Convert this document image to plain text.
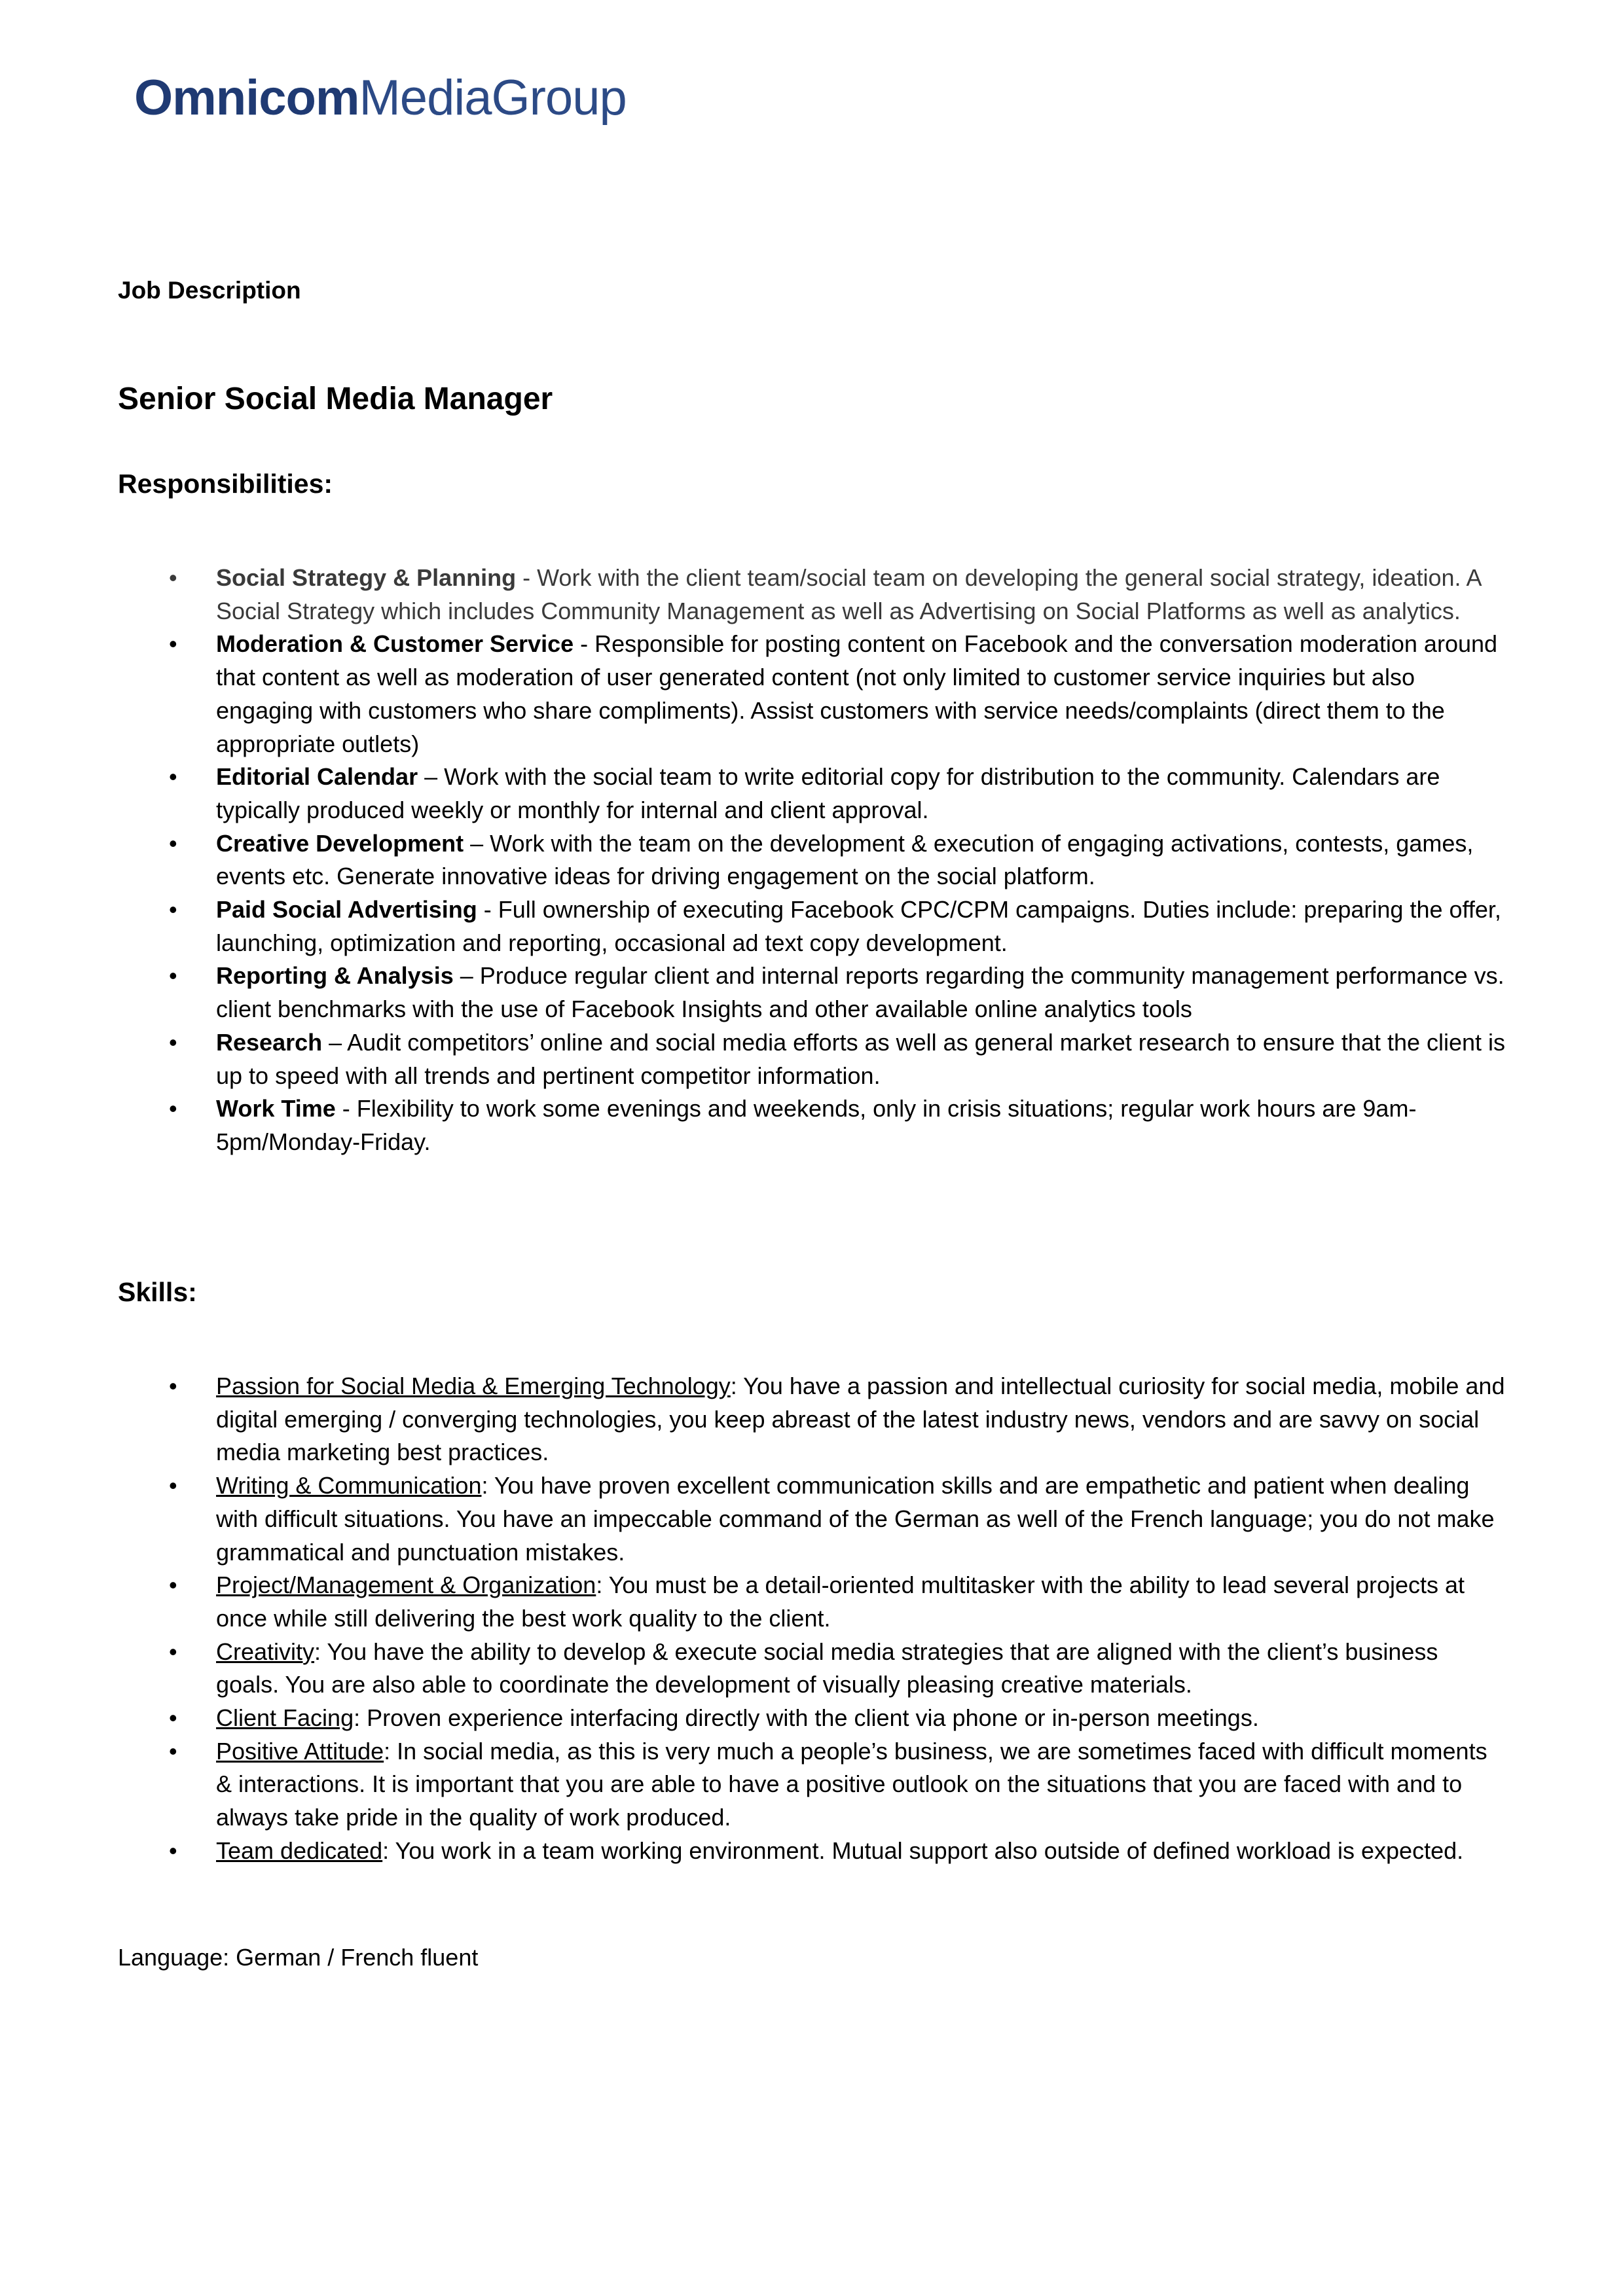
OmnicomMediaGroup
Job Description
Senior Social Media Manager
Responsibilities:
•	Social Strategy & Planning - Work with the client team/social team on developing the general social strategy, ideation. A Social Strategy which includes Community Management as well as Advertising on Social Platforms as well as analytics.
•	Moderation & Customer Service - Responsible for posting content on Facebook and the conversation moderation around that content as well as moderation of user generated content (not only limited to customer service inquiries but also engaging with customers who share compliments). Assist customers with service needs/complaints (direct them to the appropriate outlets)
•	Editorial Calendar – Work with the social team to write editorial copy for distribution to the community. Calendars are typically produced weekly or monthly for internal and client approval.
•	Creative Development – Work with the team on the development & execution of engaging activations, contests, games, events etc. Generate innovative ideas for driving engagement on the social platform.
•	Paid Social Advertising - Full ownership of executing Facebook CPC/CPM campaigns. Duties include: preparing the offer, launching, optimization and reporting, occasional ad text copy development.
•	Reporting & Analysis – Produce regular client and internal reports regarding the community management performance vs. client benchmarks with the use of Facebook Insights and other available online analytics tools
•	Research – Audit competitors’ online and social media efforts as well as general market research to ensure that the client is up to speed with all trends and pertinent competitor information.
•	Work Time - Flexibility to work some evenings and weekends, only in crisis situations; regular work hours are 9am-5pm/Monday-Friday.
Skills:
•	Passion for Social Media & Emerging Technology: You have a passion and intellectual curiosity for social media, mobile and digital emerging / converging technologies, you keep abreast of the latest industry news, vendors and are savvy on social media marketing best practices.
•	Writing & Communication: You have proven excellent communication skills and are empathetic and patient when dealing with difficult situations. You have an impeccable command of the German as well of the French language; you do not make grammatical and punctuation mistakes.
•	Project/Management & Organization: You must be a detail-oriented multitasker with the ability to lead several projects at once while still delivering the best work quality to the client.
•	Creativity: You have the ability to develop & execute social media strategies that are aligned with the client’s business goals. You are also able to coordinate the development of visually pleasing creative materials.
•	Client Facing: Proven experience interfacing directly with the client via phone or in-person meetings.
•	Positive Attitude: In social media, as this is very much a people’s business, we are sometimes faced with difficult moments & interactions. It is important that you are able to have a positive outlook on the situations that you are faced with and to always take pride in the quality of work produced.
•	Team dedicated: You work in a team working environment. Mutual support also outside of defined workload is expected.
Language: German / French fluent
